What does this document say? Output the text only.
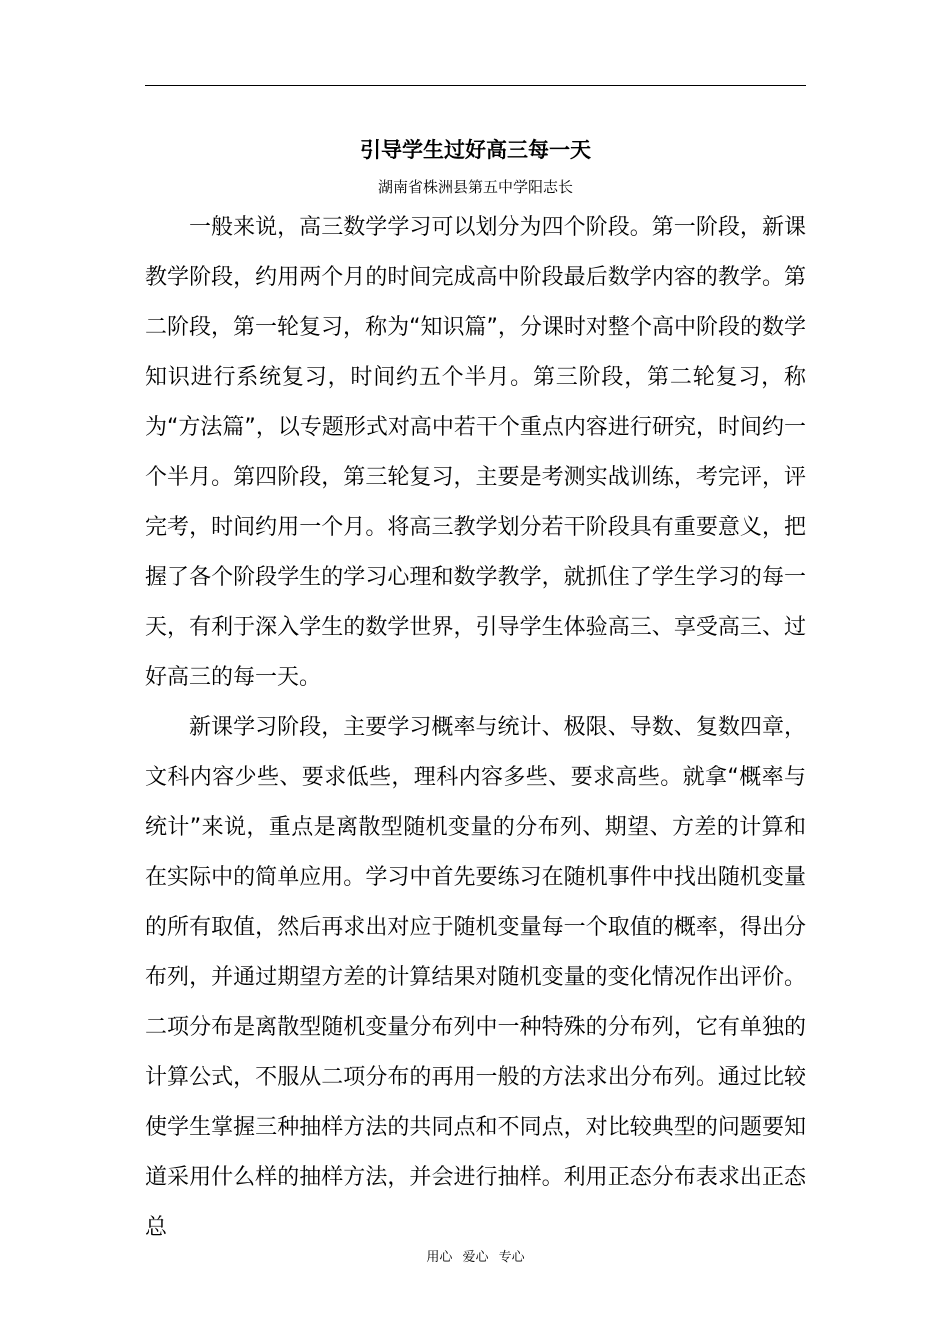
引导学生过好高三每一天
湖南省株洲县第五中学阳志长

一般来说，高三数学学习可以划分为四个阶段。第一阶段，新课教学阶段，约用两个月的时间完成高中阶段最后数学内容的教学。第二阶段，第一轮复习，称为“知识篇”，分课时对整个高中阶段的数学知识进行系统复习，时间约五个半月。第三阶段，第二轮复习，称为“方法篇”，以专题形式对高中若干个重点内容进行研究，时间约一个半月。第四阶段，第三轮复习，主要是考测实战训练，考完评，评完考，时间约用一个月。将高三教学划分若干阶段具有重要意义，把握了各个阶段学生的学习心理和数学教学，就抓住了学生学习的每一天，有利于深入学生的数学世界，引导学生体验高三、享受高三、过好高三的每一天。

新课学习阶段，主要学习概率与统计、极限、导数、复数四章，文科内容少些、要求低些，理科内容多些、要求高些。就拿“概率与统计”来说，重点是离散型随机变量的分布列、期望、方差的计算和在实际中的简单应用。学习中首先要练习在随机事件中找出随机变量的所有取值，然后再求出对应于随机变量每一个取值的概率，得出分布列，并通过期望方差的计算结果对随机变量的变化情况作出评价。二项分布是离散型随机变量分布列中一种特殊的分布列，它有单独的计算公式，不服从二项分布的再用一般的方法求出分布列。通过比较使学生掌握三种抽样方法的共同点和不同点，对比较典型的问题要知道采用什么样的抽样方法，并会进行抽样。利用正态分布表求出正态总

用心 爱心 专心
